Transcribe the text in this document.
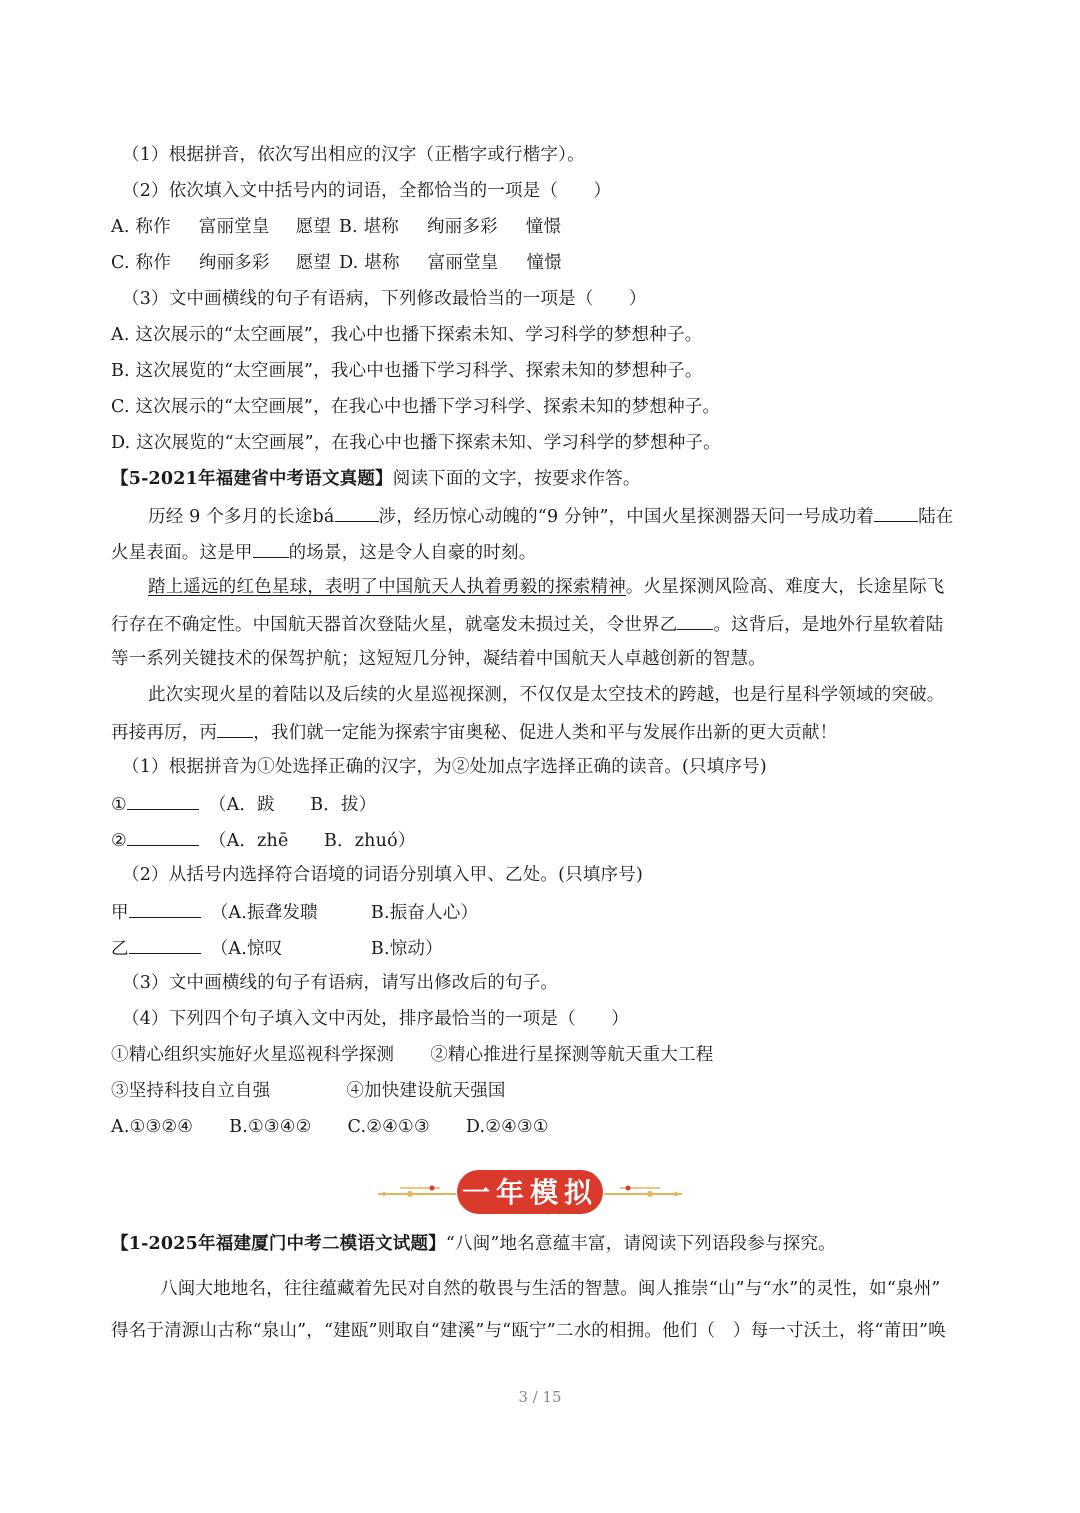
（1）根据拼音，依次写出相应的汉字（正楷字或行楷字）。
（2）依次填入文中括号内的词语，全都恰当的一项是（　　）
A. 称作 富丽堂皇 愿望 B. 堪称 绚丽多彩 憧憬
C. 称作 绚丽多彩 愿望 D. 堪称 富丽堂皇 憧憬
（3）文中画横线的句子有语病，下列修改最恰当的一项是（　　）
A. 这次展示的“太空画展”，我心中也播下探索未知、学习科学的梦想种子。
B. 这次展览的“太空画展”，我心中也播下学习科学、探索未知的梦想种子。
C. 这次展示的“太空画展”，在我心中也播下学习科学、探索未知的梦想种子。
D. 这次展览的“太空画展”，在我心中也播下探索未知、学习科学的梦想种子。
【5-2021年福建省中考语文真题】阅读下面的文字，按要求作答。
历经 9 个多月的长途bá	涉，经历惊心动魄的“9 分钟”，中国火星探测器天问一号成功着	陆在
火星表面。这是甲 的场景，这是令人自豪的时刻。
踏上遥远的红色星球，表明了中国航天人执着勇毅的探索精神。火星探测风险高、难度大，长途星际飞
行存在不确定性。中国航天器首次登陆火星，就毫发未损过关，令世界乙 。这背后，是地外行星软着陆
等一系列关键技术的保驾护航；这短短几分钟，凝结着中国航天人卓越创新的智慧。
此次实现火星的着陆以及后续的火星巡视探测，不仅仅是太空技术的跨越，也是行星科学领域的突破。
再接再厉，丙 ，我们就一定能为探索宇宙奥秘、促进人类和平与发展作出新的更大贡献！
（1）根据拼音为①处选择正确的汉字，为②处加点字选择正确的读音。(只填序号)
①	（A．跋　　B．拔）
②	（A．zhē　　B．zhuó）
（2）从括号内选择符合语境的词语分别填入甲、乙处。(只填序号)
甲	（A.振聋发聩　　　B.振奋人心）
乙	（A.惊叹　　　　　B.惊动）
（3）文中画横线的句子有语病，请写出修改后的句子。
（4）下列四个句子填入文中丙处，排序最恰当的一项是（　　）
①精心组织实施好火星巡视科学探测 ②精心推进行星探测等航天重大工程
③坚持科技自立自强	④加快建设航天强国
A.①③②④ B.①③④② C.②④①③ D.②④③①
一年模拟
【1-2025年福建厦门中考二模语文试题】“八闽”地名意蕴丰富，请阅读下列语段参与探究。
八闽大地地名，往往蕴藏着先民对自然的敬畏与生活的智慧。闽人推崇“山”与“水”的灵性，如“泉州”
得名于清源山古称“泉山”，“建瓯”则取自“建溪”与“瓯宁”二水的相拥。他们（　）每一寸沃土，将“莆田”唤
3 / 15
